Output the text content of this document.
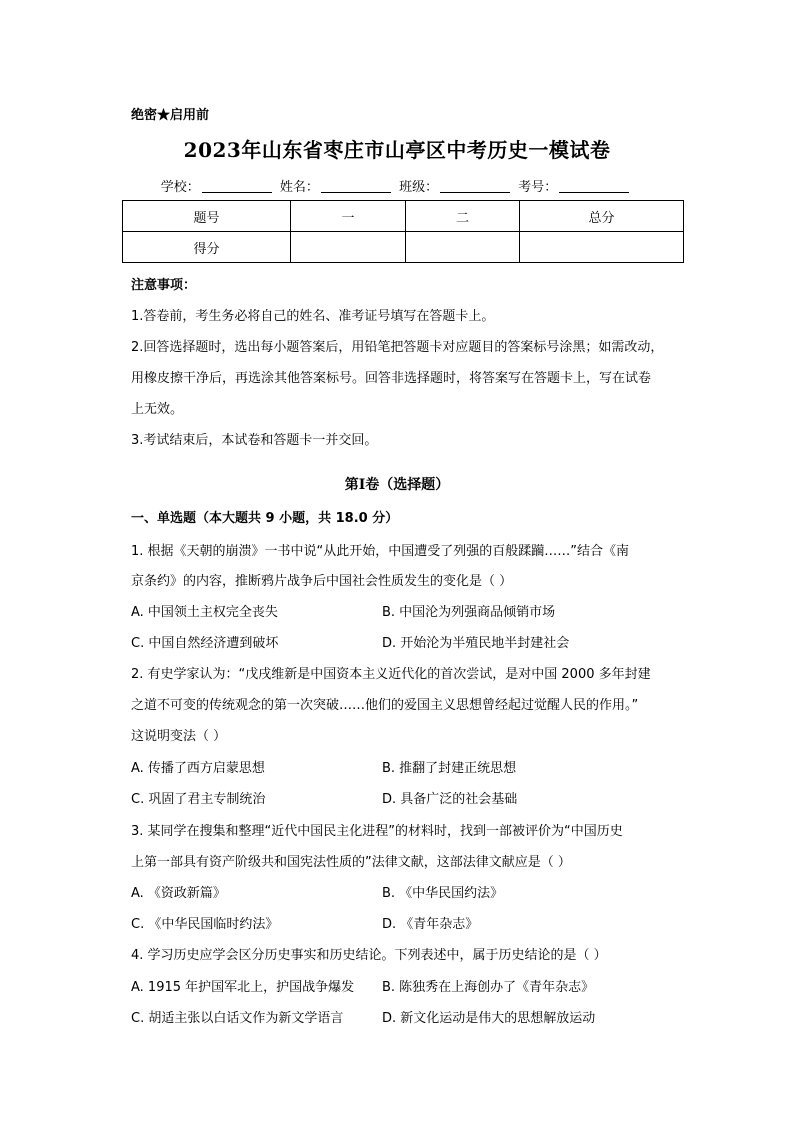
绝密★启用前
2023年山东省枣庄市山亭区中考历史一模试卷
学校：	姓名：	班级：	考号：
题号	一	二	总分
得分			
注意事项：
1.答卷前，考生务必将自己的姓名、准考证号填写在答题卡上。
2.回答选择题时，选出每小题答案后，用铅笔把答题卡对应题目的答案标号涂黑；如需改动，
用橡皮擦干净后，再选涂其他答案标号。回答非选择题时，将答案写在答题卡上，写在试卷
上无效。
3.考试结束后，本试卷和答题卡一并交回。
第Ⅰ卷（选择题）
一、单选题（本大题共 9 小题，共 18.0 分）
1. 根据《天朝的崩溃》一书中说“从此开始，中国遭受了列强的百般蹂躏……”结合《南
京条约》的内容，推断鸦片战争后中国社会性质发生的变化是（ ）
A. 中国领土主权完全丧失	B. 中国沦为列强商品倾销市场
C. 中国自然经济遭到破坏	D. 开始沦为半殖民地半封建社会
2. 有史学家认为：“戊戌维新是中国资本主义近代化的首次尝试，是对中国 2000 多年封建
之道不可变的传统观念的第一次突破……他们的爱国主义思想曾经起过觉醒人民的作用。”
这说明变法（ ）
A. 传播了西方启蒙思想	B. 推翻了封建正统思想
C. 巩固了君主专制统治	D. 具备广泛的社会基础
3. 某同学在搜集和整理“近代中国民主化进程”的材料时，找到一部被评价为“中国历史
上第一部具有资产阶级共和国宪法性质的”法律文献，这部法律文献应是（ ）
A. 《资政新篇》	B. 《中华民国约法》
C. 《中华民国临时约法》	D. 《青年杂志》
4. 学习历史应学会区分历史事实和历史结论。下列表述中，属于历史结论的是（ ）
A. 1915 年护国军北上，护国战争爆发 B. 陈独秀在上海创办了《青年杂志》
C. 胡适主张以白话文作为新文学语言	D. 新文化运动是伟大的思想解放运动
